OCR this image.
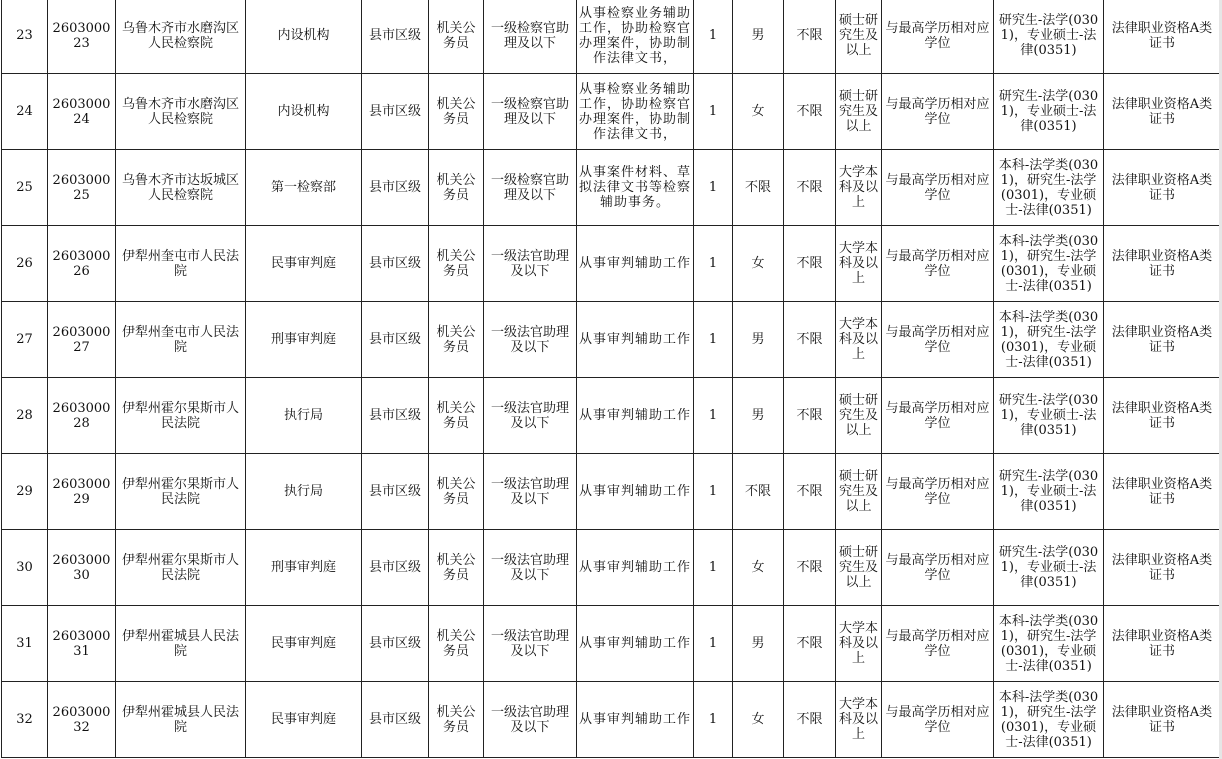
23	260300023	乌鲁木齐市水磨沟区人民检察院	内设机构	县市区级	机关公务员	一级检察官助理及以下	从事检察业务辅助工作，协助检察官办理案件，协助制作法律文书，	1	男	不限	硕士研究生及以上	与最高学历相对应学位	研究生-法学(0301)，专业硕士-法律(0351)	法律职业资格A类证书
24	260300024	乌鲁木齐市水磨沟区人民检察院	内设机构	县市区级	机关公务员	一级检察官助理及以下	从事检察业务辅助工作，协助检察官办理案件，协助制作法律文书，	1	女	不限	硕士研究生及以上	与最高学历相对应学位	研究生-法学(0301)，专业硕士-法律(0351)	法律职业资格A类证书
25	260300025	乌鲁木齐市达坂城区人民检察院	第一检察部	县市区级	机关公务员	一级检察官助理及以下	从事案件材料、草拟法律文书等检察辅助事务。	1	不限	不限	大学本科及以上	与最高学历相对应学位	本科-法学类(0301)，研究生-法学(0301)，专业硕士-法律(0351)	法律职业资格A类证书
26	260300026	伊犁州奎屯市人民法院	民事审判庭	县市区级	机关公务员	一级法官助理及以下	从事审判辅助工作	1	女	不限	大学本科及以上	与最高学历相对应学位	本科-法学类(0301)，研究生-法学(0301)，专业硕士-法律(0351)	法律职业资格A类证书
27	260300027	伊犁州奎屯市人民法院	刑事审判庭	县市区级	机关公务员	一级法官助理及以下	从事审判辅助工作	1	男	不限	大学本科及以上	与最高学历相对应学位	本科-法学类(0301)，研究生-法学(0301)，专业硕士-法律(0351)	法律职业资格A类证书
28	260300028	伊犁州霍尔果斯市人民法院	执行局	县市区级	机关公务员	一级法官助理及以下	从事审判辅助工作	1	男	不限	硕士研究生及以上	与最高学历相对应学位	研究生-法学(0301)，专业硕士-法律(0351)	法律职业资格A类证书
29	260300029	伊犁州霍尔果斯市人民法院	执行局	县市区级	机关公务员	一级法官助理及以下	从事审判辅助工作	1	不限	不限	硕士研究生及以上	与最高学历相对应学位	研究生-法学(0301)，专业硕士-法律(0351)	法律职业资格A类证书
30	260300030	伊犁州霍尔果斯市人民法院	刑事审判庭	县市区级	机关公务员	一级法官助理及以下	从事审判辅助工作	1	女	不限	硕士研究生及以上	与最高学历相对应学位	研究生-法学(0301)，专业硕士-法律(0351)	法律职业资格A类证书
31	260300031	伊犁州霍城县人民法院	民事审判庭	县市区级	机关公务员	一级法官助理及以下	从事审判辅助工作	1	男	不限	大学本科及以上	与最高学历相对应学位	本科-法学类(0301)，研究生-法学(0301)，专业硕士-法律(0351)	法律职业资格A类证书
32	260300032	伊犁州霍城县人民法院	民事审判庭	县市区级	机关公务员	一级法官助理及以下	从事审判辅助工作	1	女	不限	大学本科及以上	与最高学历相对应学位	本科-法学类(0301)，研究生-法学(0301)，专业硕士-法律(0351)	法律职业资格A类证书
